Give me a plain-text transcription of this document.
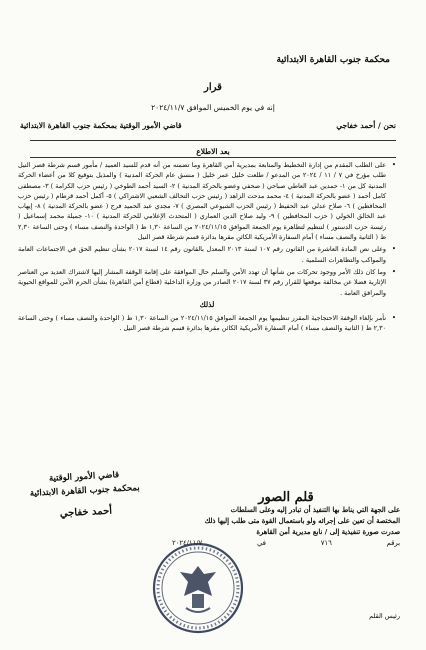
محكمة جنوب القاهرة الابتدائية
قرار
إنه في يوم الخميس الموافق ٢٠٢٤/١١/٧
نحن / أحمد خفاجي
قاضي الأمور الوقتية بمحكمة جنوب القاهرة الابتدائية
بعد الاطلاع

• على الطلب المقدم من إدارة التخطيط والمتابعة بمديرية أمن القاهرة وما تضمنه من أنه قدم للسيد العميد / مأمور قسم شرطة قصر النيل طلب مؤرخ في ٧ / ١١ / ٢٠٢٤ من المدعو / طلعت خليل عمر خليل ( منسق عام الحركة المدنية ) والمذيل بتوقيع كلا من أعضاء الحركة المدنية كل من ١- حمدين عبد العاطي صباحي ( صحفي وعضو بالحركة المدنية ) ٢- السيد أحمد الطوخي ( رئيس حزب الكرامة ) ٣- مصطفى كامل أحمد ( عضو بالحركة المدنية ) ٤- محمد مدحت الزاهد ( رئيس حزب التحالف الشعبي الاشتراكي ) ٥- أكمل أحمد قرطام ( رئيس حزب المحافظين ) ٦- صلاح عدلي عبد الحفيظ ( رئيس الحزب الشيوعي المصري ) ٧- مجدي عبد الحميد فرج ( عضو بالحركة المدنية ) ٨- إيهاب عبد الخالق الخولي ( حزب المحافظين ) ٩- وليد صلاح الدين العماري ( المتحدث الإعلامي للحركة المدنية ) ١٠- جميلة محمد إسماعيل ( رئيسة حزب الدستور ) لتنظيم لتظاهرة يوم الجمعة الموافق ٢٠٢٤/١١/١٥ من الساعة ١,٣٠ ظ ( الواحدة والنصف مساء ) وحتى الساعة ٢,٣٠ ظ ( الثانية والنصف مساء ) أمام السفارة الأمريكية الكائن مقرها بدائرة قسم شرطة قصر النيل

• وعلى نص المادة العاشرة من القانون رقم ١٠٧ لسنة ٢٠١٣ المعدل بالقانون رقم ١٤ لسنة ٢٠١٧ بشأن تنظيم الحق في الاجتماعات العامة والمواكب والتظاهرات السلمية .

• وما كان ذلك الأمر ووجود تحركات من شأنها أن تهدد الأمن والسلم حال الموافقة على إقامة الوقفة المشار إليها لاشتراك العديد من العناصر الإثارية فضلا عن مخالفة موقعها للقرار رقم ٣٧ لسنة ٢٠١٧ الصادر من وزارة الداخلية (قطاع أمن القاهرة) بشأن الحرم الآمن للمواقع الحيوية والمرافق العامة .

لذلك

• نأمر بإلغاء الوقفة الاحتجاجية المقرر تنظيمها يوم الجمعة الموافق ٢٠٢٤/١١/١٥ من الساعة ١,٣٠ ظ ( الواحدة والنصف مساء ) وحتى الساعة ٢,٣٠ ظ ( الثانية والنصف مساء ) أمام السفارة الأمريكية الكائن مقرها بدائرة قسم شرطة قصر النيل .

قاضي الأمور الوقتية
بمحكمة جنوب القاهرة الابتدائية
أحمد خفاجي
قلم الصور
على الجهة التي يناط بها التنفيذ أن تبادر إليه وعلى السلطات
المختصة أن تعين على إجرائه ولو باستعمال القوة متى طلب إليها ذلك
صدرت صورة تنفيذية إلى / نابع مديرية أمن القاهرة
برقم
٧١٦
في
٢٠٢٤/١١/٧
رئيس القلم
